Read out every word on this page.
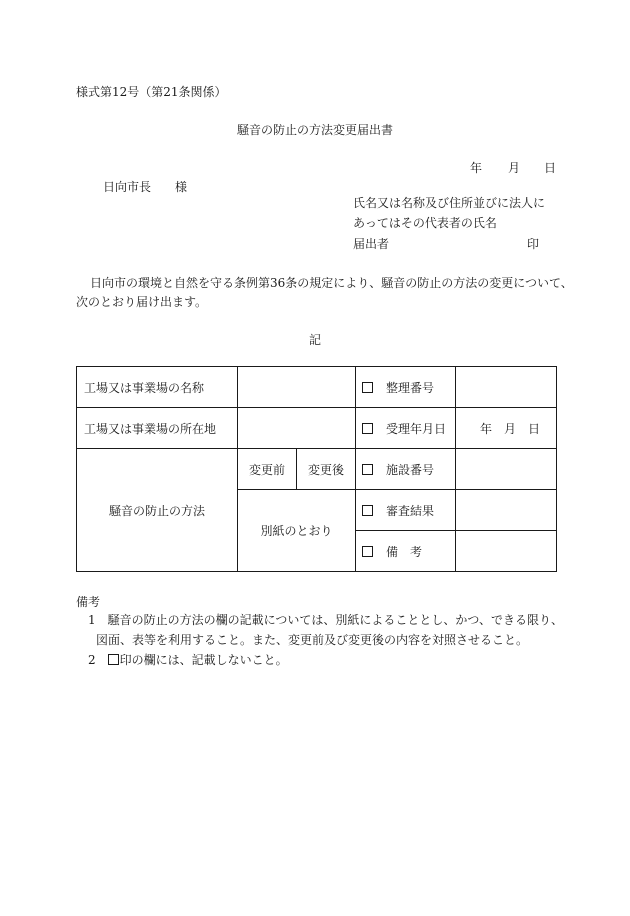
様式第12号（第21条関係）
騒音の防止の方法変更届出書
年 月 日
日向市長　　様
氏名又は名称及び住所並びに法人に
あってはその代表者の氏名
届出者	印
日向市の環境と自然を守る条例第36条の規定により、騒音の防止の方法の変更について、
次のとおり届け出ます。
記
工場又は事業場の名称			整理番号	
工場又は事業場の所在地			受理年月日	年　月　日
騒音の防止の方法	変更前	変更後	施設番号	
	別紙のとおり		審査結果	
			備　考	
備考
1　 騒音の防止の方法の欄の記載については、別紙によることとし、かつ、できる限り、
図面、表等を利用すること。また、変更前及び変更後の内容を対照させること。
2　 印の欄には、記載しないこと。
